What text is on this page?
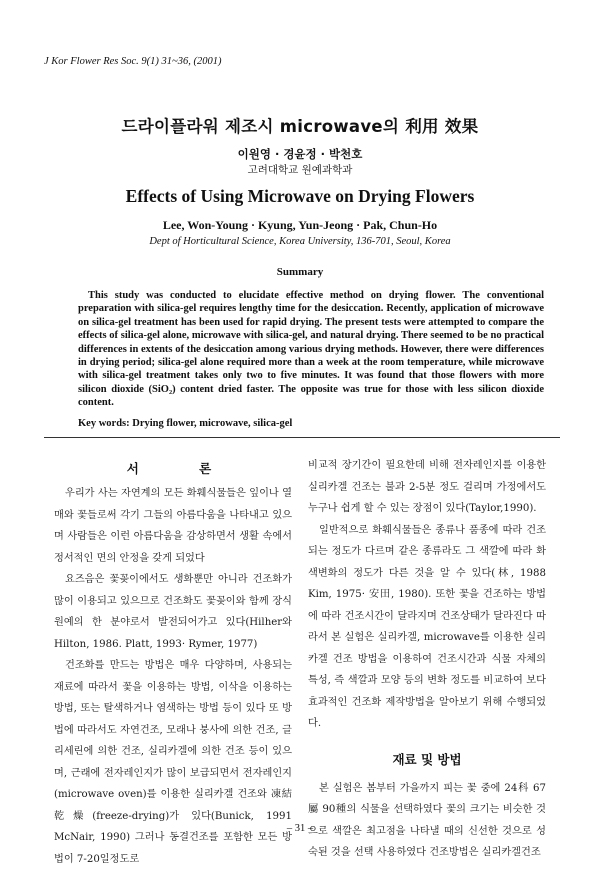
J Kor Flower Res Soc. 9(1) 31~36, (2001)
드라이플라워 제조시 microwave의 利用 效果
이원영 · 경윤정 · 박천호
고려대학교 원예과학과
Effects of Using Microwave on Drying Flowers
Lee, Won-Young · Kyung, Yun-Jeong · Pak, Chun-Ho
Dept of Horticultural Science, Korea University, 136-701, Seoul, Korea
Summary

This study was conducted to elucidate effective method on drying flower. The conventional preparation with silica-gel requires lengthy time for the desiccation. Recently, application of microwave on silica-gel treatment has been used for rapid drying. The present tests were attempted to compare the effects of silica-gel alone, microwave with silica-gel, and natural drying. There seemed to be no practical differences in extents of the desiccation among various drying methods. However, there were differences in drying period; silica-gel alone required more than a week at the room temperature, while microwave with silica-gel treatment takes only two to five minutes. It was found that those flowers with more silicon dioxide (SiO₂) content dried faster. The opposite was true for those with less silicon dioxide content.

Key words: Drying flower, microwave, silica-gel
서 론

우리가 사는 자연계의 모든 화훼식물들은 잎이나 열매와 꽃들로써 각기 그들의 아름다움을 나타내고 있으며 사람들은 이런 아름다움을 감상하면서 생활 속에서 정서적인 면의 안정을 갖게 되었다

요즈음은 꽃꽂이에서도 생화뿐만 아니라 건조화가 많이 이용되고 있으므로 건조화도 꽃꽂이와 함께 장식원예의 한 분야로서 발전되어가고 있다(Hilher와 Hilton, 1986. Platt, 1993· Rymer, 1977)

건조화를 만드는 방법은 매우 다양하며, 사용되는 재료에 따라서 꽃을 이용하는 방법, 이삭을 이용하는 방법, 또는 탈색하거나 염색하는 방법 등이 있다 또 방법에 따라서도 자연건조, 모래나 붕사에 의한 건조, 글리세린에 의한 건조, 실리카겔에 의한 건조 등이 있으며, 근래에 전자레인지가 많이 보급되면서 전자레인지(microwave oven)를 이용한 실리카겔 건조와 凍結乾燥(freeze-drying)가 있다(Bunick, 1991 McNair, 1990) 그러나 동결건조를 포함한 모든 방법이 7-20일정도로

비교적 장기간이 필요한데 비해 전자레인지를 이용한 실리카겔 건조는 불과 2-5분 정도 걸리며 가정에서도 누구나 쉽게 할 수 있는 장점이 있다(Taylor,1990).

일반적으로 화훼식물들은 종류나 품종에 따라 건조되는 정도가 다르며 같은 종류라도 그 색깔에 따라 화색변화의 정도가 다른 것을 알 수 있다(林, 1988 Kim, 1975· 安田, 1980). 또한 꽃을 건조하는 방법에 따라 건조시간이 달라지며 건조상태가 달라진다 따라서 본 실험은 실리카겔, microwave를 이용한 실리카겔 건조 방법을 이용하여 건조시간과 식물 자체의 특성, 즉 색깔과 모양 등의 변화 정도를 비교하여 보다 효과적인 건조화 제작방법을 알아보기 위해 수행되었다.

재료 및 방법

본 실험은 봄부터 가을까지 피는 꽃 중에 24科 67屬 90種의 식물을 선택하였다 꽃의 크기는 비슷한 것으로 색깔은 최고점을 나타낼 때의 신선한 것으로 성숙된 것을 선택 사용하였다 건조방법은 실리카겔건조

– 31 –
